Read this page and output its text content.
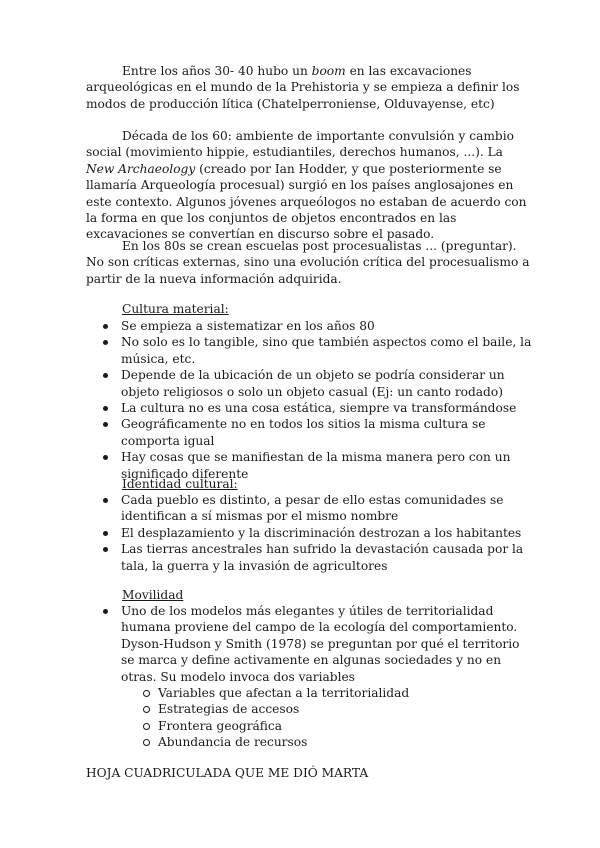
Entre los años 30- 40 hubo un boom en las excavaciones arqueológicas en el mundo de la Prehistoria y se empieza a definir los modos de producción lítica (Chatelperroniense, Olduvayense, etc)

Década de los 60: ambiente de importante convulsión y cambio social (movimiento hippie, estudiantiles, derechos humanos, ...). La New Archaeology (creado por Ian Hodder, y que posteriormente se llamaría Arqueología procesual) surgió en los países anglosajones en este contexto. Algunos jóvenes arqueólogos no estaban de acuerdo con la forma en que los conjuntos de objetos encontrados en las excavaciones se convertían en discurso sobre el pasado.

En los 80s se crean escuelas post procesualistas ... (preguntar). No son críticas externas, sino una evolución crítica del procesualismo a partir de la nueva información adquirida.

Cultura material:
Se empieza a sistematizar en los años 80
No solo es lo tangible, sino que también aspectos como el baile, la música, etc.
Depende de la ubicación de un objeto se podría considerar un objeto religiosos o solo un objeto casual (Ej: un canto rodado)
La cultura no es una cosa estática, siempre va transformándose
Geográficamente no en todos los sitios la misma cultura se comporta igual
Hay cosas que se manifiestan de la misma manera pero con un significado diferente
Identidad cultural:
Cada pueblo es distinto, a pesar de ello estas comunidades se identifican a sí mismas por el mismo nombre
El desplazamiento y la discriminación destrozan a los habitantes
Las tierras ancestrales han sufrido la devastación causada por la tala, la guerra y la invasión de agricultores
Movilidad
Uno de los modelos más elegantes y útiles de territorialidad humana proviene del campo de la ecología del comportamiento. Dyson-Hudson y Smith (1978) se preguntan por qué el territorio se marca y define activamente en algunas sociedades y no en otras. Su modelo invoca dos variables
Variables que afectan a la territorialidad
Estrategias de accesos
Frontera geográfica
Abundancia de recursos
HOJA CUADRICULADA QUE ME DIÓ MARTA
